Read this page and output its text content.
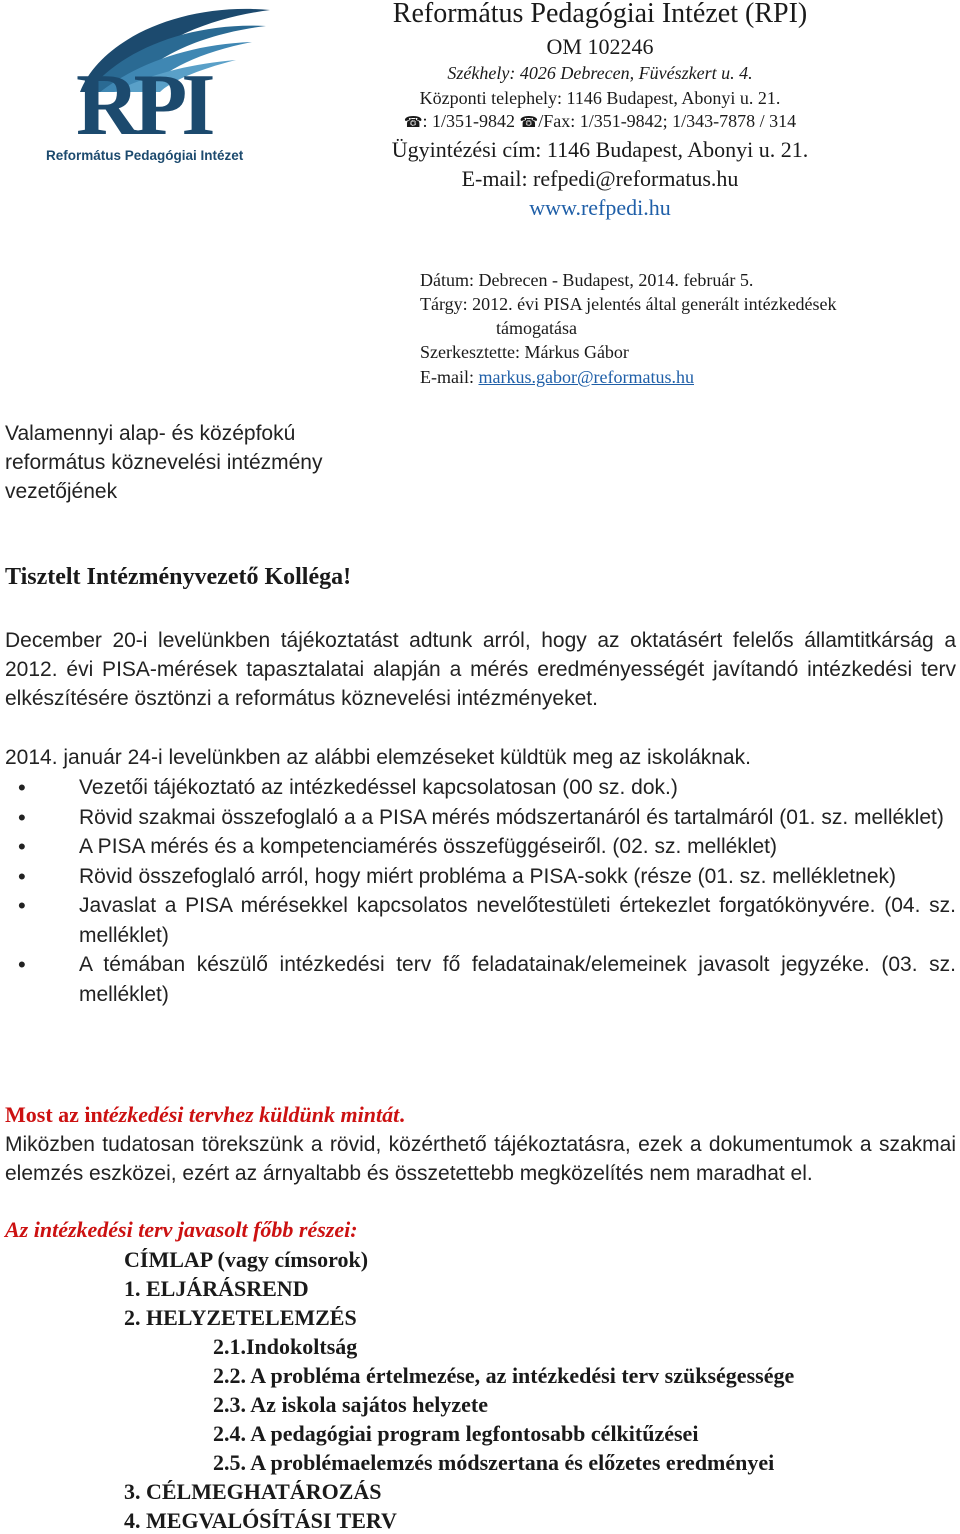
RPI
Református Pedagógiai Intézet
Református Pedagógiai Intézet (RPI)
OM 102246
Székhely: 4026 Debrecen, Füvészkert u. 4.
Központi telephely: 1146 Budapest, Abonyi u. 21.
☎: 1/351-9842 ☎/Fax: 1/351-9842; 1/343-7878 / 314
Ügyintézési cím: 1146 Budapest, Abonyi u. 21.
E-mail: refpedi@reformatus.hu
www.refpedi.hu
Dátum: Debrecen - Budapest, 2014. február 5.
Tárgy: 2012. évi PISA jelentés által generált intézkedések
támogatása
Szerkesztette: Márkus Gábor
E-mail: markus.gabor@reformatus.hu
Valamennyi alap- és középfokú
református köznevelési intézmény
vezetőjének
Tisztelt Intézményvezető Kolléga!
December 20-i levelünkben tájékoztatást adtunk arról, hogy az oktatásért felelős államtitkárság a 2012. évi PISA-mérések tapasztalatai alapján a mérés eredményességét javítandó intézkedési terv elkészítésére ösztönzi a református köznevelési intézményeket.
2014. január 24-i levelünkben az alábbi elemzéseket küldtük meg az iskoláknak.
• Vezetői tájékoztató az intézkedéssel kapcsolatosan (00 sz. dok.)
• Rövid szakmai összefoglaló a a PISA mérés módszertanáról és tartalmáról (01. sz. melléklet)
• A PISA mérés és a kompetenciamérés összefüggéseiről. (02. sz. melléklet)
• Rövid összefoglaló arról, hogy miért probléma a PISA-sokk (része (01. sz. mellékletnek)
• Javaslat a PISA mérésekkel kapcsolatos nevelőtestületi értekezlet forgatókönyvére. (04. sz. melléklet)
• A témában készülő intézkedési terv fő feladatainak/elemeinek javasolt jegyzéke. (03. sz. melléklet)
Most az intézkedési tervhez küldünk mintát.
Miközben tudatosan törekszünk a rövid, közérthető tájékoztatásra, ezek a dokumentumok a szakmai elemzés eszközei, ezért az árnyaltabb és összetettebb megközelítés nem maradhat el.
Az intézkedési terv javasolt főbb részei:
CÍMLAP (vagy címsorok)
1. ELJÁRÁSREND
2. HELYZETELEMZÉS
2.1.Indokoltság
2.2. A probléma értelmezése, az intézkedési terv szükségessége
2.3. Az iskola sajátos helyzete
2.4. A pedagógiai program legfontosabb célkitűzései
2.5. A problémaelemzés módszertana és előzetes eredményei
3. CÉLMEGHATÁROZÁS
4. MEGVALÓSÍTÁSI TERV
